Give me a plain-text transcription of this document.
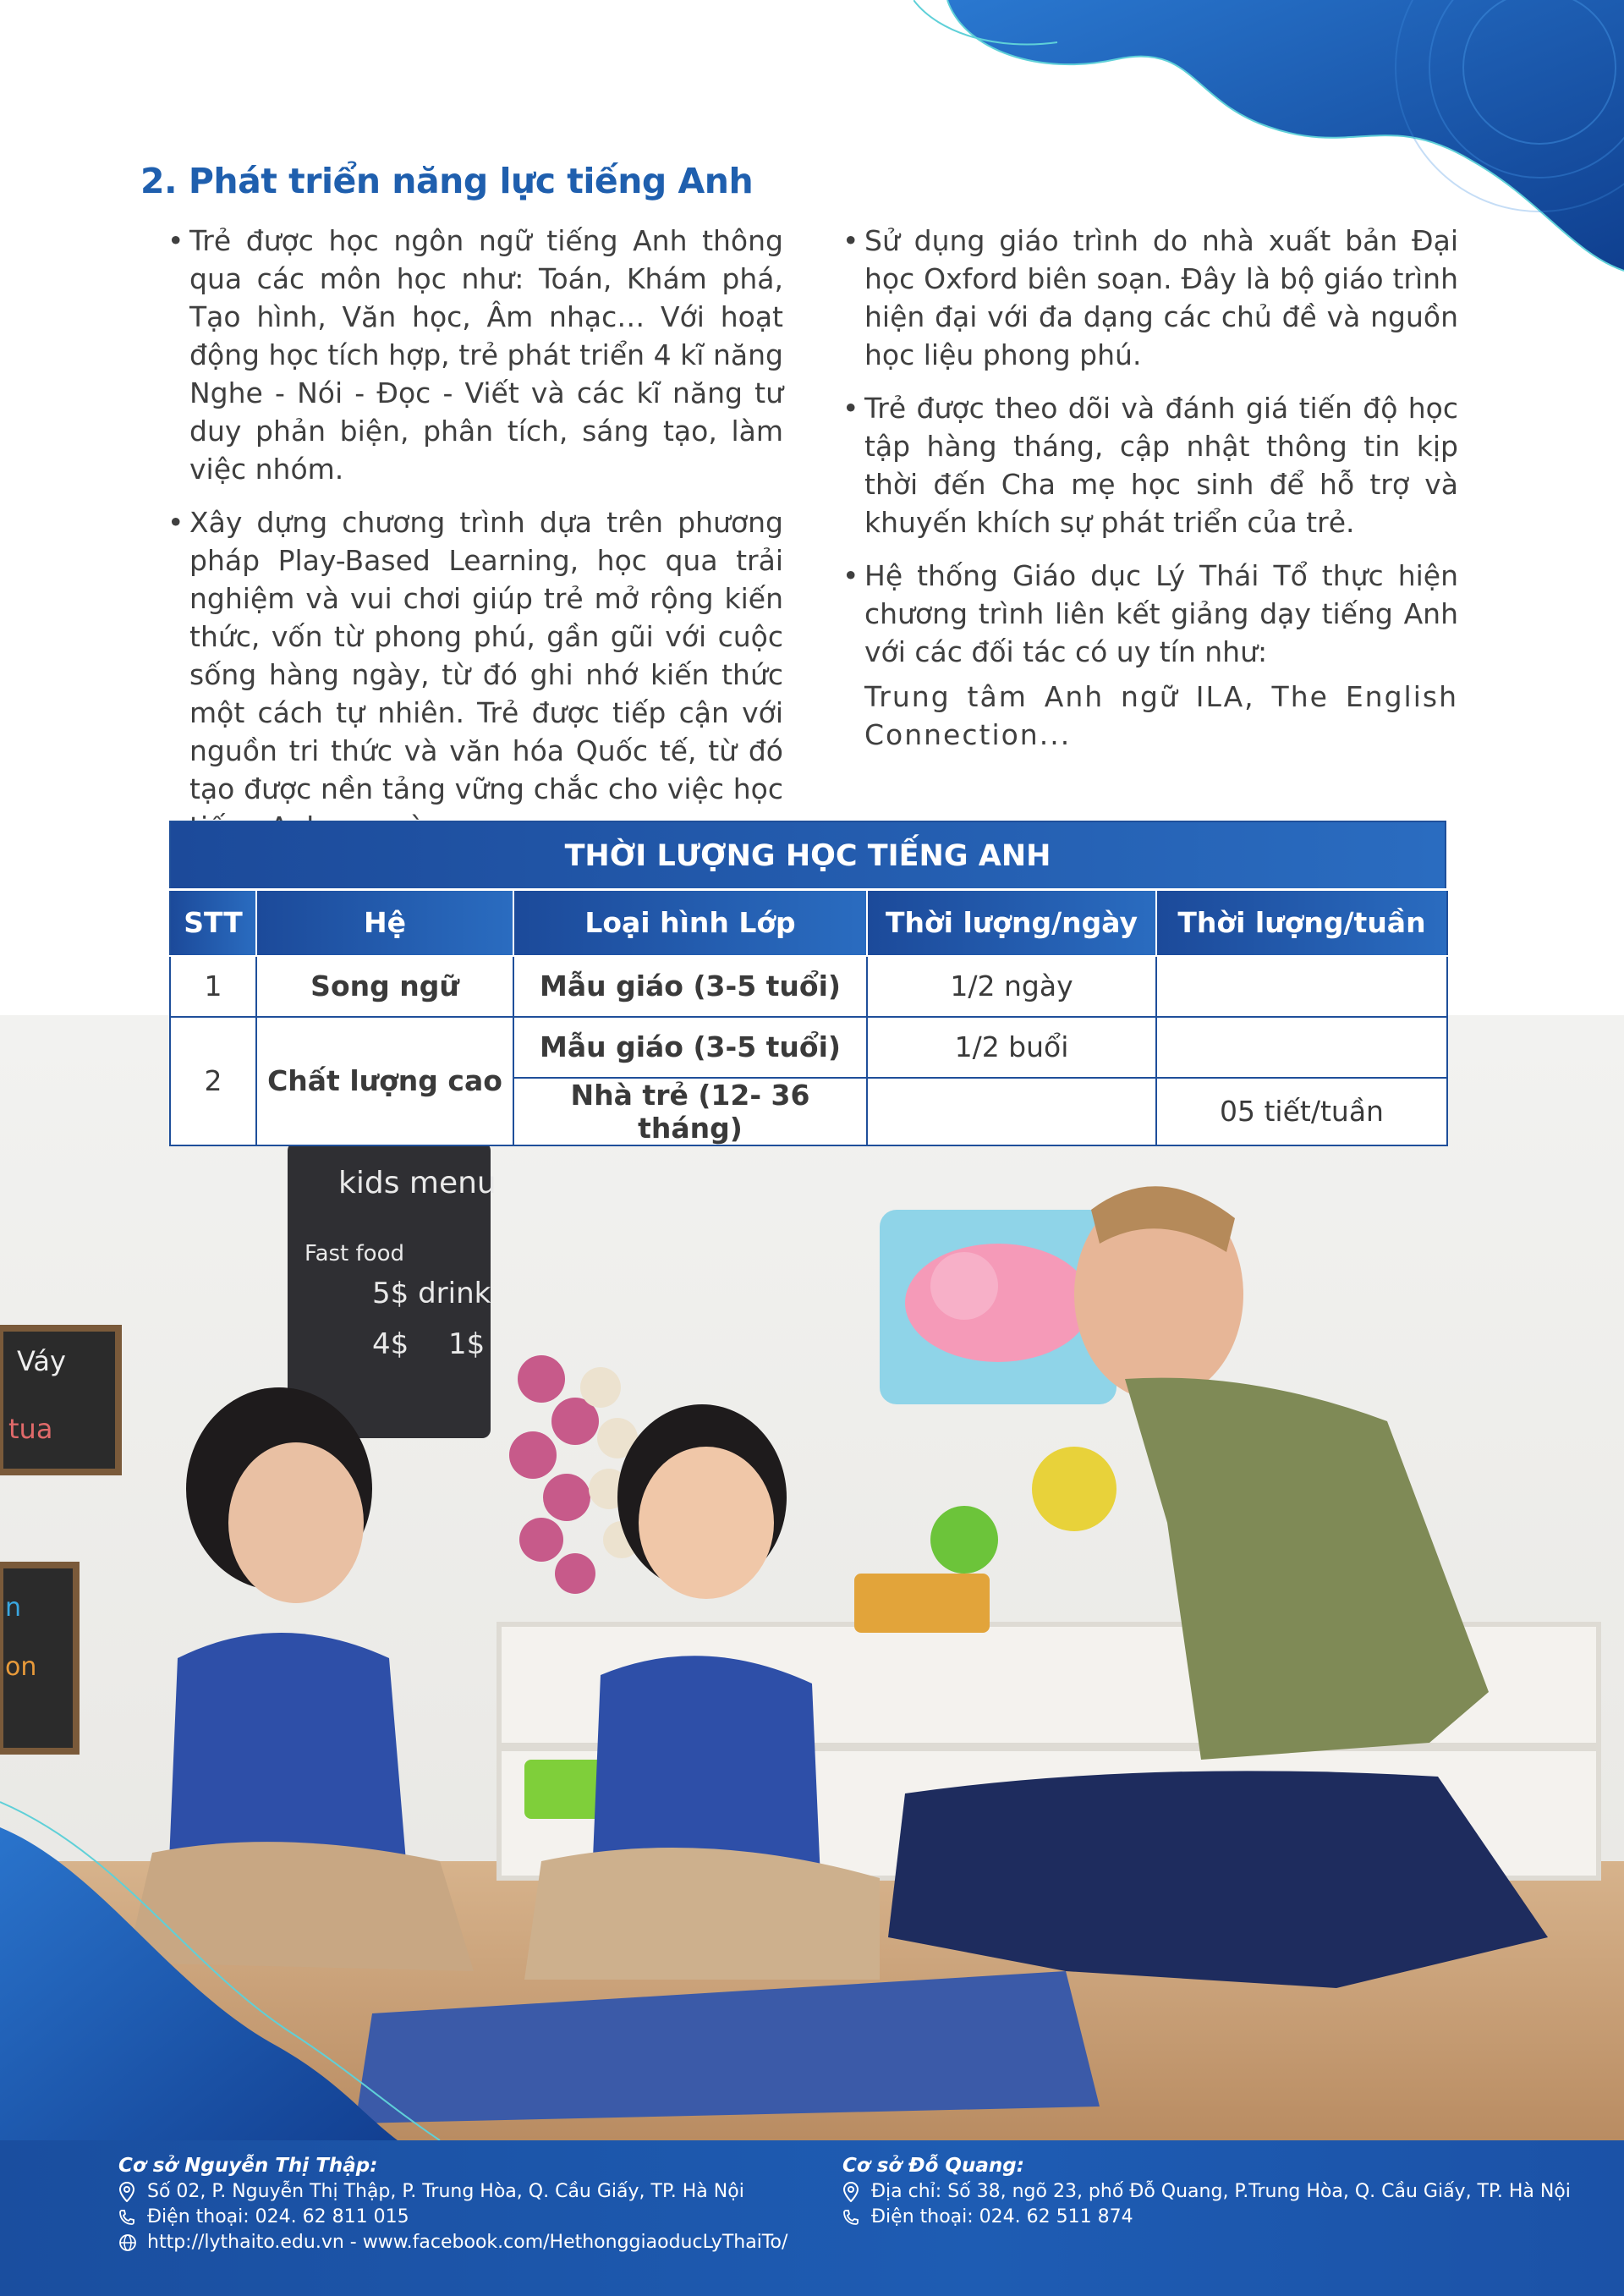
2. Phát triển năng lực tiếng Anh

• Trẻ được học ngôn ngữ tiếng Anh thông qua các môn học như: Toán, Khám phá, Tạo hình, Văn học, Âm nhạc… Với hoạt động học tích hợp, trẻ phát triển 4 kĩ năng Nghe - Nói - Đọc - Viết và các kĩ năng tư duy phản biện, phân tích, sáng tạo, làm việc nhóm.

• Xây dựng chương trình dựa trên phương pháp Play-Based Learning, học qua trải nghiệm và vui chơi giúp trẻ mở rộng kiến thức, vốn từ phong phú, gần gũi với cuộc sống hàng ngày, từ đó ghi nhớ kiến thức một cách tự nhiên. Trẻ được tiếp cận với nguồn tri thức và văn hóa Quốc tế, từ đó tạo được nền tảng vững chắc cho việc học

• Sử dụng giáo trình do nhà xuất bản Đại học Oxford biên soạn. Đây là bộ giáo trình hiện đại với đa dạng các chủ đề và nguồn học liệu phong phú.

• Trẻ được theo dõi và đánh giá tiến độ học tập hàng tháng, cập nhật thông tin kịp thời đến Cha mẹ học sinh để hỗ trợ và khuyến khích sự phát triển của trẻ.

• Hệ thống Giáo dục Lý Thái Tổ thực hiện chương trình liên kết giảng dạy tiếng Anh với các đối tác có uy tín như:
Trung tâm Anh ngữ ILA, The English Connection...

kids menu
Fast food
5$ drink
4$ 1$
Váy
tua
n
on
THỜI LƯỢNG HỌC TIẾNG ANH
STT	Hệ	Loại hình Lớp	Thời lượng/ngày	Thời lượng/tuần
1	Song ngữ	Mẫu giáo (3-5 tuổi)	1/2 ngày	
2	Chất lượng cao	Mẫu giáo (3-5 tuổi)	1/2 buổi	
		Nhà trẻ (12- 36 tháng)		05 tiết/tuần
Cơ sở Nguyễn Thị Thập:
Số 02, P. Nguyễn Thị Thập, P. Trung Hòa, Q. Cầu Giấy, TP. Hà Nội
Điện thoại: 024. 62 811 015
http://lythaito.edu.vn - www.facebook.com/HethonggiaoducLyThaiTo/
Cơ sở Đỗ Quang:
Địa chỉ: Số 38, ngõ 23, phố Đỗ Quang, P.Trung Hòa, Q. Cầu Giấy, TP. Hà Nội
Điện thoại: 024. 62 511 874
